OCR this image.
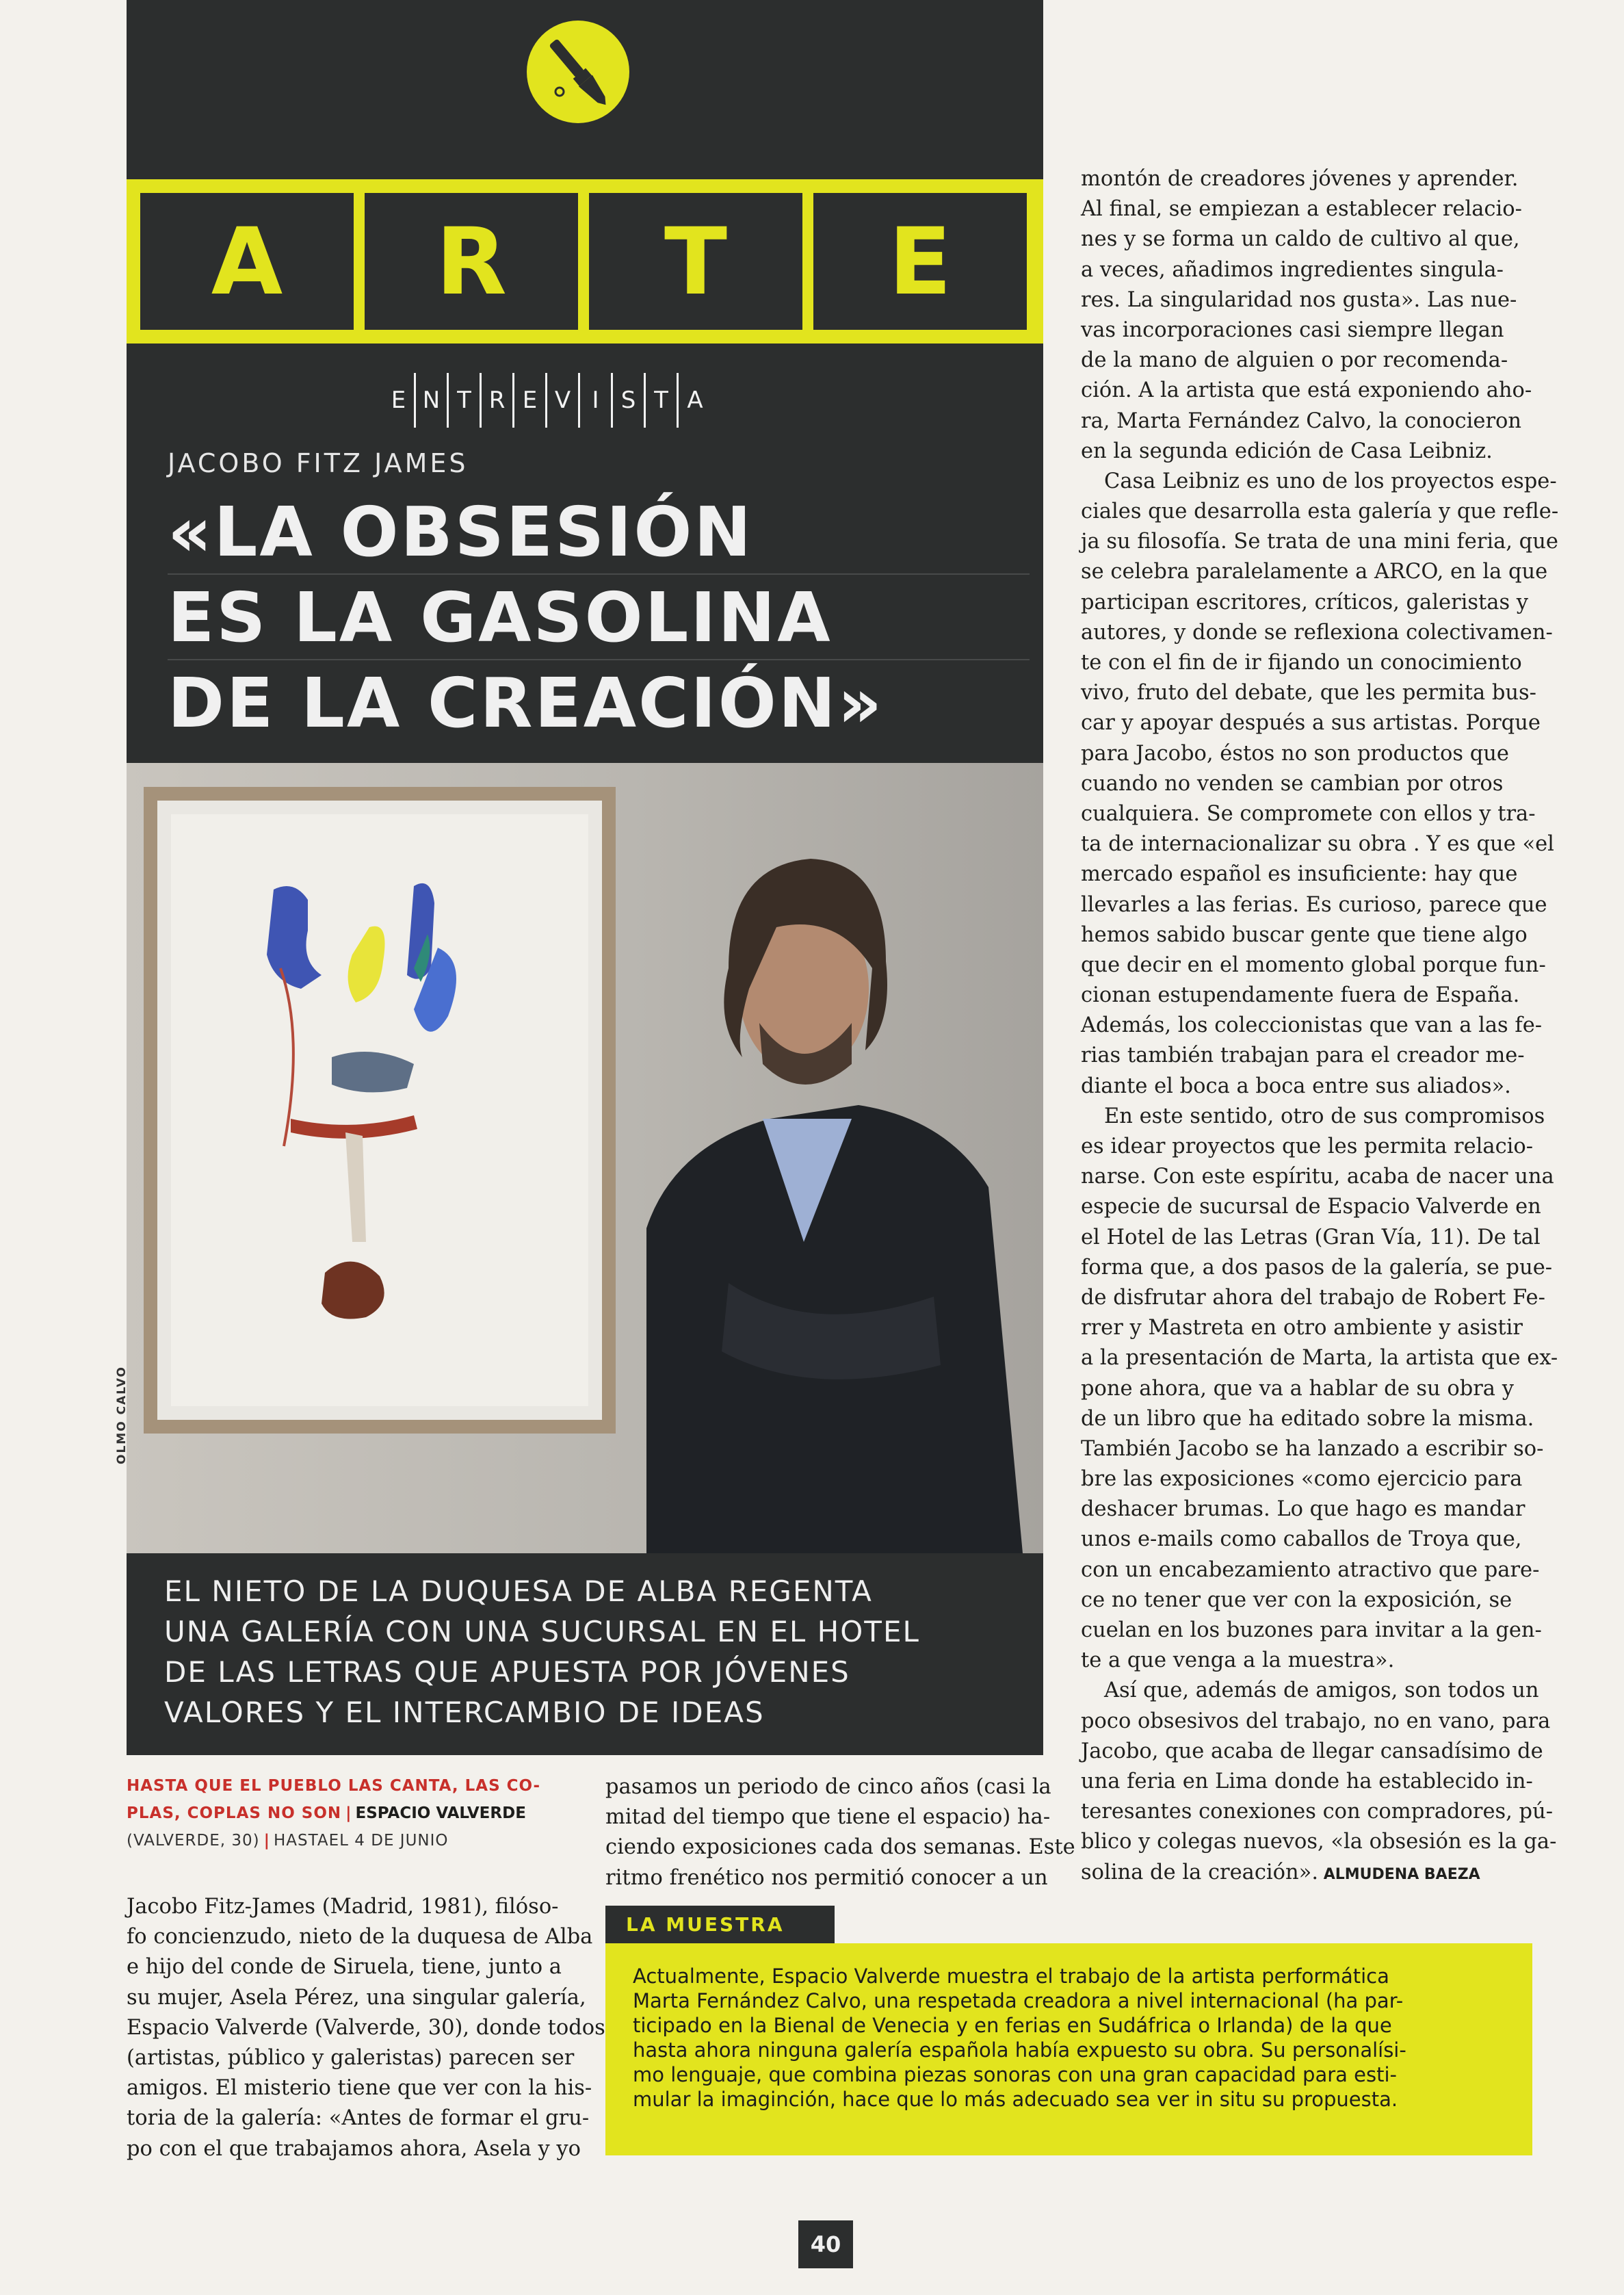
A	R	T	E
E N T R E V I S T A
JACOBO FITZ JAMES
«LA OBSESIÓN
ES LA GASOLINA
DE LA CREACIÓN»
OLMO CALVO

EL NIETO DE LA DUQUESA DE ALBA REGENTA

UNA GALERÍA CON UNA SUCURSAL EN EL HOTEL

DE LAS LETRAS QUE APUESTA POR JÓVENES

VALORES Y EL INTERCAMBIO DE IDEAS

HASTA QUE EL PUEBLO LAS CANTA, LAS CO-
PLAS, COPLAS NO SON | ESPACIO VALVERDE
(VALVERDE, 30) | HASTAEL 4 DE JUNIO
Jacobo Fitz-James (Madrid, 1981), filóso-
fo concienzudo, nieto de la duquesa de Alba
e hijo del conde de Siruela, tiene, junto a
su mujer, Asela Pérez, una singular galería,
Espacio Valverde (Valverde, 30), donde todos
(artistas, público y galeristas) parecen ser
amigos. El misterio tiene que ver con la his-
toria de la galería: «Antes de formar el gru-
po con el que trabajamos ahora, Asela y yo
pasamos un periodo de cinco años (casi la
mitad del tiempo que tiene el espacio) ha-
ciendo exposiciones cada dos semanas. Este
ritmo frenético nos permitió conocer a un
montón de creadores jóvenes y aprender.
Al final, se empiezan a establecer relacio-
nes y se forma un caldo de cultivo al que,
a veces, añadimos ingredientes singula-
res. La singularidad nos gusta». Las nue-
vas incorporaciones casi siempre llegan
de la mano de alguien o por recomenda-
ción. A la artista que está exponiendo aho-
ra, Marta Fernández Calvo, la conocieron
en la segunda edición de Casa Leibniz.
Casa Leibniz es uno de los proyectos espe-
ciales que desarrolla esta galería y que refle-
ja su filosofía. Se trata de una mini feria, que
se celebra paralelamente a ARCO, en la que
participan escritores, críticos, galeristas y
autores, y donde se reflexiona colectivamen-
te con el fin de ir fijando un conocimiento
vivo, fruto del debate, que les permita bus-
car y apoyar después a sus artistas. Porque
para Jacobo, éstos no son productos que
cuando no venden se cambian por otros
cualquiera. Se compromete con ellos y tra-
ta de internacionalizar su obra . Y es que «el
mercado español es insuficiente: hay que
llevarles a las ferias. Es curioso, parece que
hemos sabido buscar gente que tiene algo
que decir en el momento global porque fun-
cionan estupendamente fuera de España.
Además, los coleccionistas que van a las fe-
rias también trabajan para el creador me-
diante el boca a boca entre sus aliados».
En este sentido, otro de sus compromisos
es idear proyectos que les permita relacio-
narse. Con este espíritu, acaba de nacer una
especie de sucursal de Espacio Valverde en
el Hotel de las Letras (Gran Vía, 11). De tal
forma que, a dos pasos de la galería, se pue-
de disfrutar ahora del trabajo de Robert Fe-
rrer y Mastreta en otro ambiente y asistir
a la presentación de Marta, la artista que ex-
pone ahora, que va a hablar de su obra y
de un libro que ha editado sobre la misma.
También Jacobo se ha lanzado a escribir so-
bre las exposiciones «como ejercicio para
deshacer brumas. Lo que hago es mandar
unos e-mails como caballos de Troya que,
con un encabezamiento atractivo que pare-
ce no tener que ver con la exposición, se
cuelan en los buzones para invitar a la gen-
te a que venga a la muestra».
Así que, además de amigos, son todos un
poco obsesivos del trabajo, no en vano, para
Jacobo, que acaba de llegar cansadísimo de
una feria en Lima donde ha establecido in-
teresantes conexiones con compradores, pú-
blico y colegas nuevos, «la obsesión es la ga-
solina de la creación». ALMUDENA BAEZA
LA MUESTRA
Actualmente, Espacio Valverde muestra el trabajo de la artista performática
Marta Fernández Calvo, una respetada creadora a nivel internacional (ha par-
ticipado en la Bienal de Venecia y en ferias en Sudáfrica o Irlanda) de la que
hasta ahora ninguna galería española había expuesto su obra. Su personalísi-
mo lenguaje, que combina piezas sonoras con una gran capacidad para esti-
mular la imaginción, hace que lo más adecuado sea ver in situ su propuesta.
40
